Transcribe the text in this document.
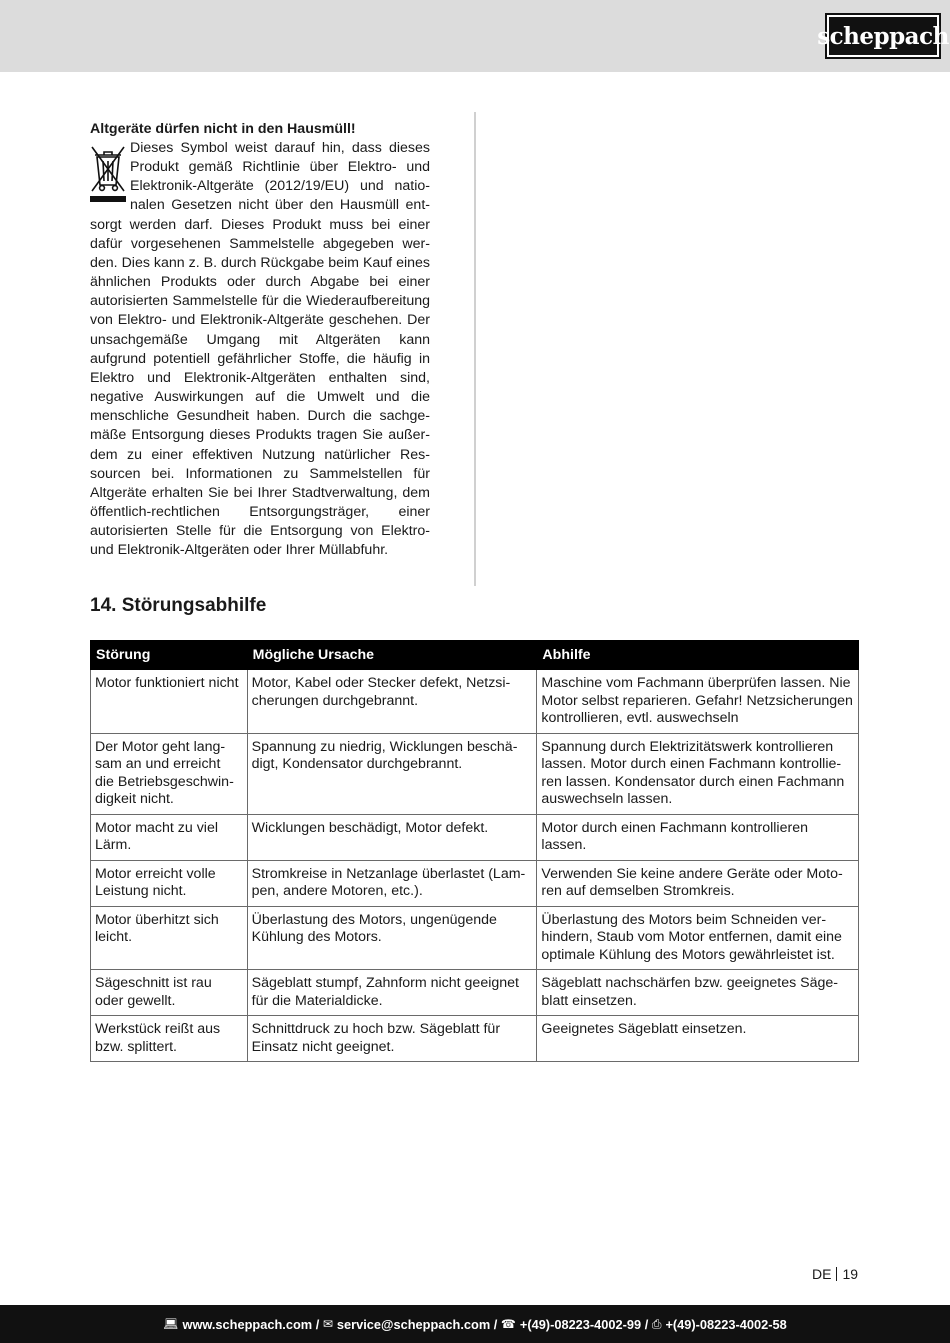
scheppach

Altgeräte dürfen nicht in den Hausmüll!

Dieses Symbol weist darauf hin, dass dieses Produkt gemäß Richtlinie über Elektro- und Elektronik-Altgeräte (2012/19/EU) und nationalen Gesetzen nicht über den Hausmüll entsorgt werden darf. Dieses Produkt muss bei einer dafür vorgesehenen Sammelstelle abgegeben werden. Dies kann z. B. durch Rückgabe beim Kauf eines ähnlichen Produkts oder durch Abgabe bei einer autorisierten Sammelstelle für die Wiederaufbereitung von Elektro- und Elektronik-Altgeräte geschehen. Der unsachgemäße Umgang mit Altgeräten kann aufgrund potentiell gefährlicher Stoffe, die häufig in Elektro und Elektronik-Altgeräten enthalten sind, negative Auswirkungen auf die Umwelt und die menschliche Gesundheit haben. Durch die sachgemäße Entsorgung dieses Produkts tragen Sie außerdem zu einer effektiven Nutzung natürlicher Ressourcen bei. Informationen zu Sammelstellen für Altgeräte erhalten Sie bei Ihrer Stadtverwaltung, dem öffentlich-rechtlichen Entsorgungsträger, einer autorisierten Stelle für die Entsorgung von Elektro- und Elektronik-Altgeräten oder Ihrer Müllabfuhr.

14. Störungsabhilfe
Störung	Mögliche Ursache	Abhilfe
Motor funktioniert nicht	Motor, Kabel oder Stecker defekt, Netzsicherungen durchgebrannt.	Maschine vom Fachmann überprüfen lassen. Nie Motor selbst reparieren. Gefahr! Netzsicherungen kontrollieren, evtl. auswechseln
Der Motor geht langsam an und erreicht die Betriebsgeschwindigkeit nicht.	Spannung zu niedrig, Wicklungen beschädigt, Kondensator durchgebrannt.	Spannung durch Elektrizitätswerk kontrollieren lassen. Motor durch einen Fachmann kontrollieren lassen. Kondensator durch einen Fachmann auswechseln lassen.
Motor macht zu viel Lärm.	Wicklungen beschädigt, Motor defekt.	Motor durch einen Fachmann kontrollieren lassen.
Motor erreicht volle Leistung nicht.	Stromkreise in Netzanlage überlastet (Lampen, andere Motoren, etc.).	Verwenden Sie keine andere Geräte oder Motoren auf demselben Stromkreis.
Motor überhitzt sich leicht.	Überlastung des Motors, ungenügende Kühlung des Motors.	Überlastung des Motors beim Schneiden verhindern, Staub vom Motor entfernen, damit eine optimale Kühlung des Motors gewährleistet ist.
Sägeschnitt ist rau oder gewellt.	Sägeblatt stumpf, Zahnform nicht geeignet für die Materialdicke.	Sägeblatt nachschärfen bzw. geeignetes Sägeblatt einsetzen.
Werkstück reißt aus bzw. splittert.	Schnittdruck zu hoch bzw. Sägeblatt für Einsatz nicht geeignet.	Geeignetes Sägeblatt einsetzen.
DE 19
💻︎ www.scheppach.com / ✉︎ service@scheppach.com / ☎︎ +(49)-08223-4002-99 / ⎙ +(49)-08223-4002-58
